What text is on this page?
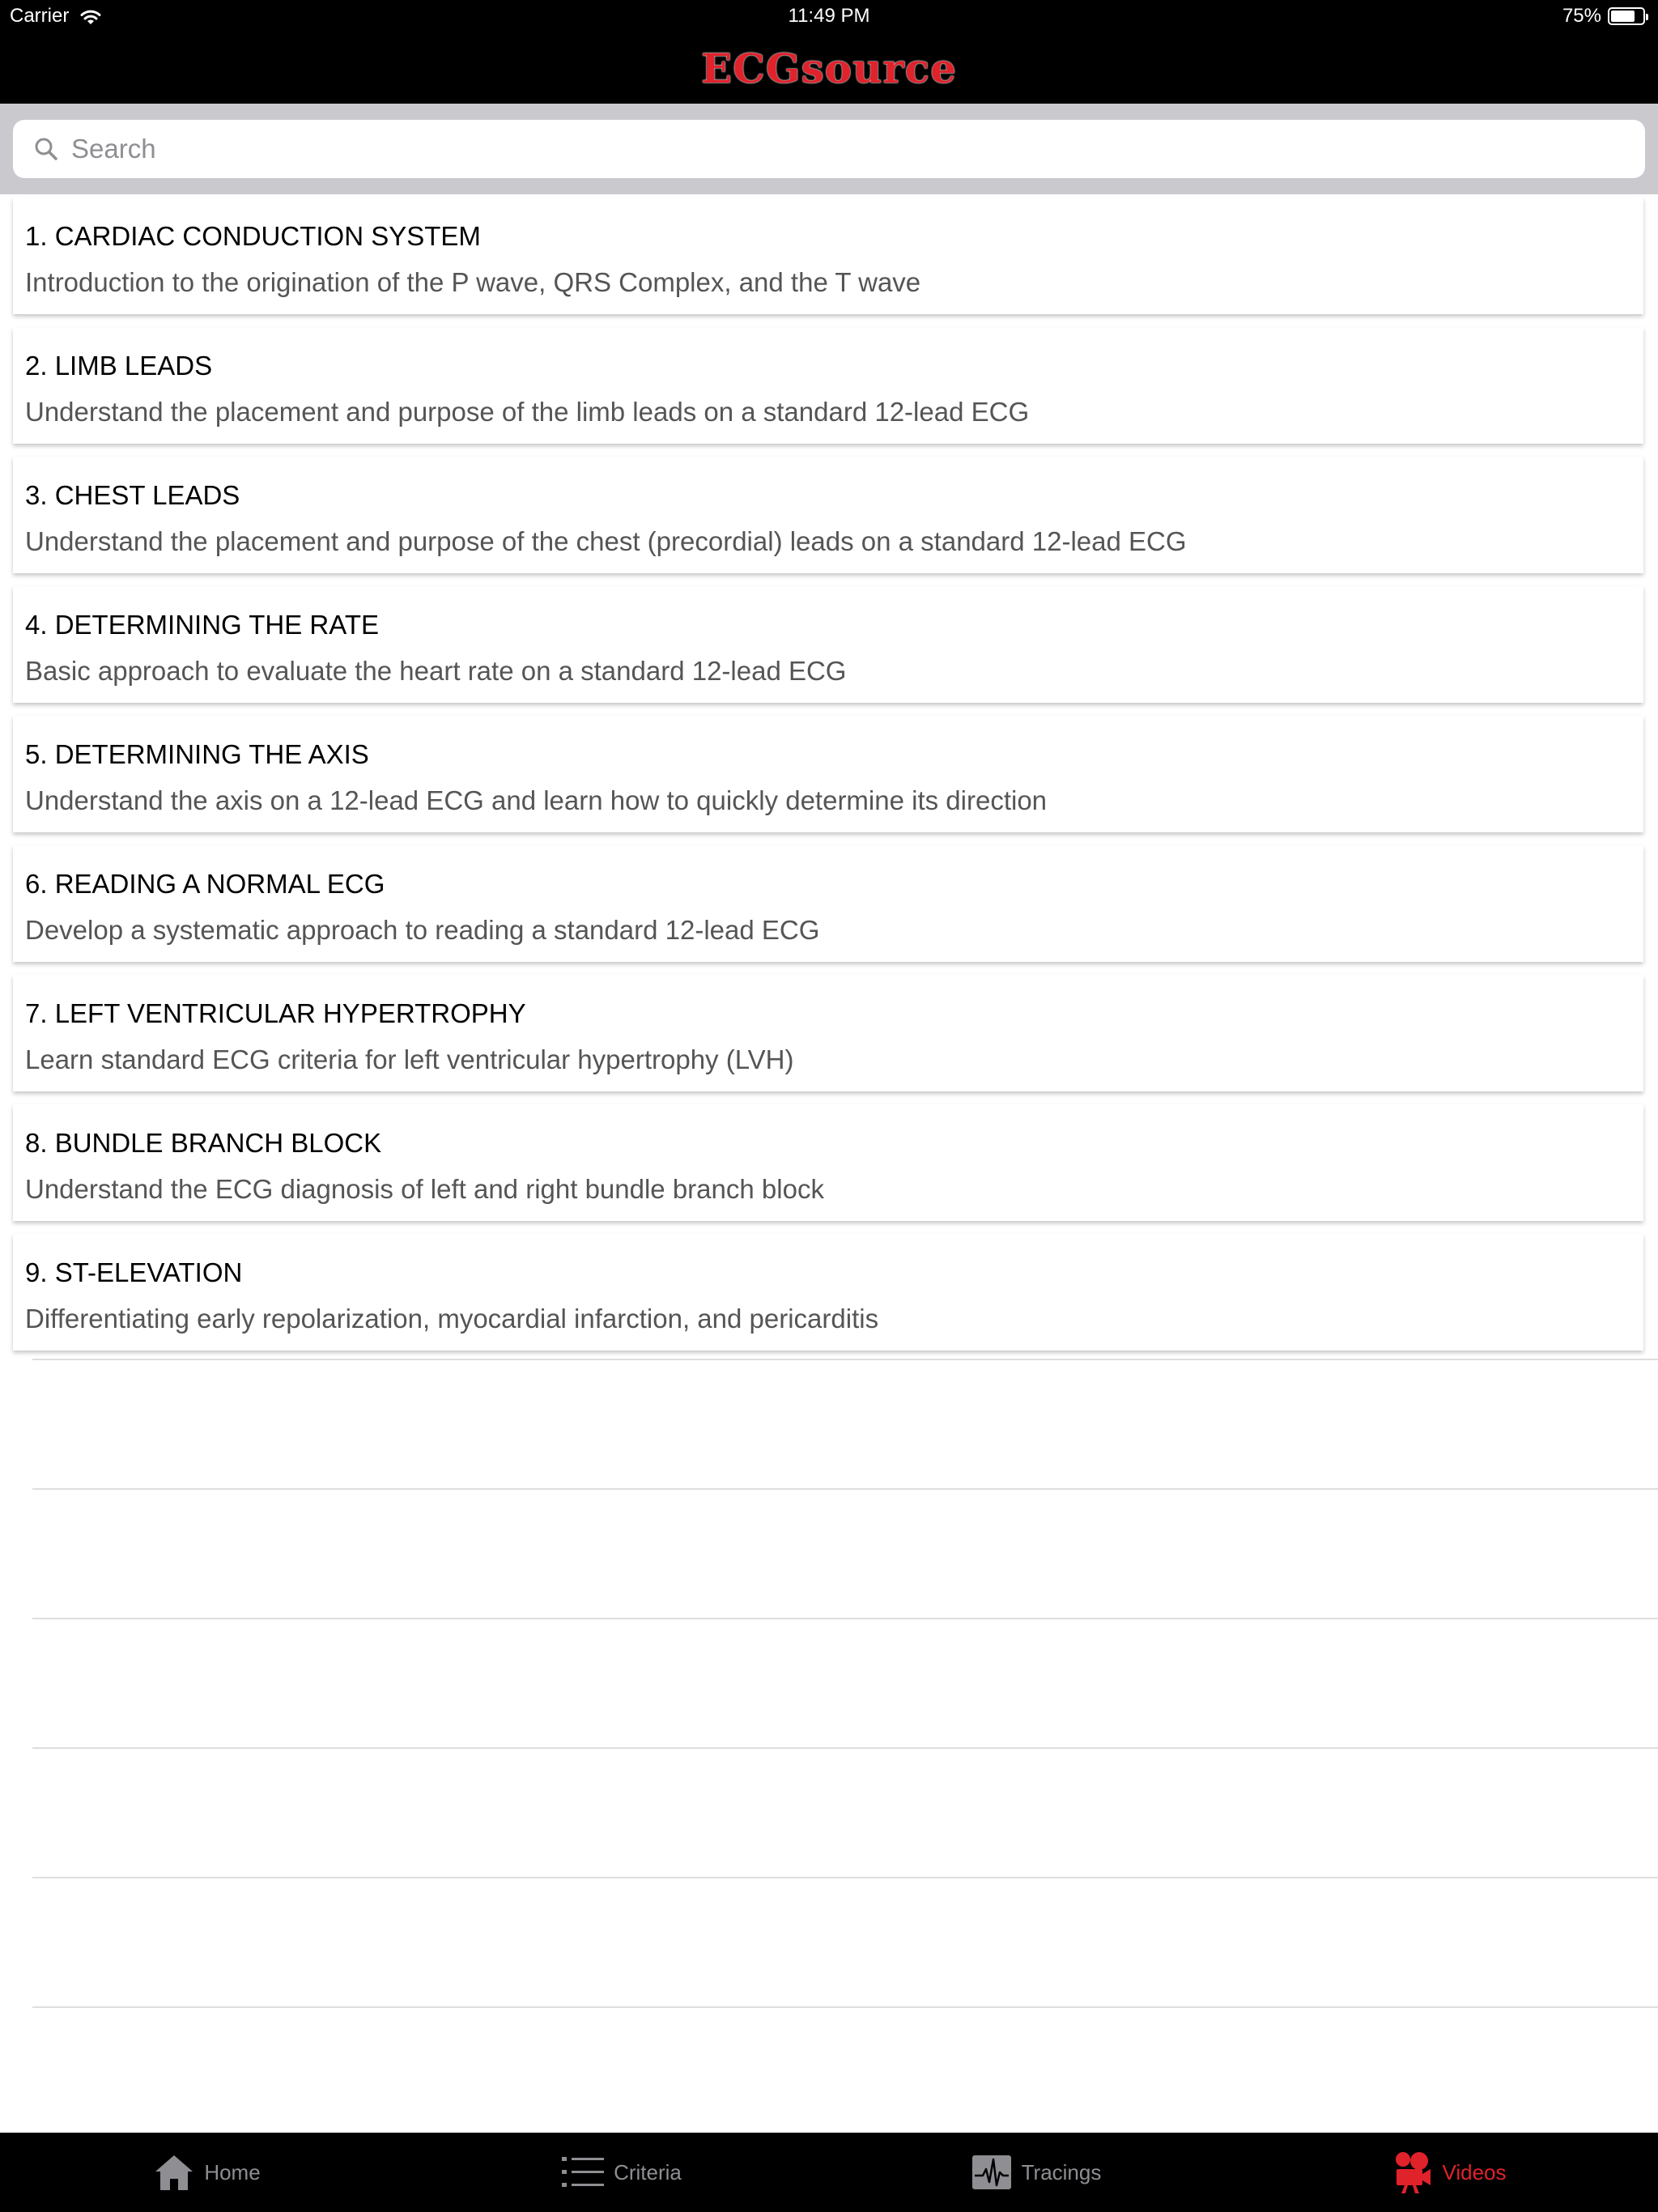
Carrier	11:49 PM	75%
ECGsource
Search
1. CARDIAC CONDUCTION SYSTEM
Introduction to the origination of the P wave, QRS Complex, and the T wave
2. LIMB LEADS
Understand the placement and purpose of the limb leads on a standard 12-lead ECG
3. CHEST LEADS
Understand the placement and purpose of the chest (precordial) leads on a standard 12-lead ECG
4. DETERMINING THE RATE
Basic approach to evaluate the heart rate on a standard 12-lead ECG
5. DETERMINING THE AXIS
Understand the axis on a 12-lead ECG and learn how to quickly determine its direction
6. READING A NORMAL ECG
Develop a systematic approach to reading a standard 12-lead ECG
7. LEFT VENTRICULAR HYPERTROPHY
Learn standard ECG criteria for left ventricular hypertrophy (LVH)
8. BUNDLE BRANCH BLOCK
Understand the ECG diagnosis of left and right bundle branch block
9. ST-ELEVATION
Differentiating early repolarization, myocardial infarction, and pericarditis
Home	Criteria	Tracings	Videos
